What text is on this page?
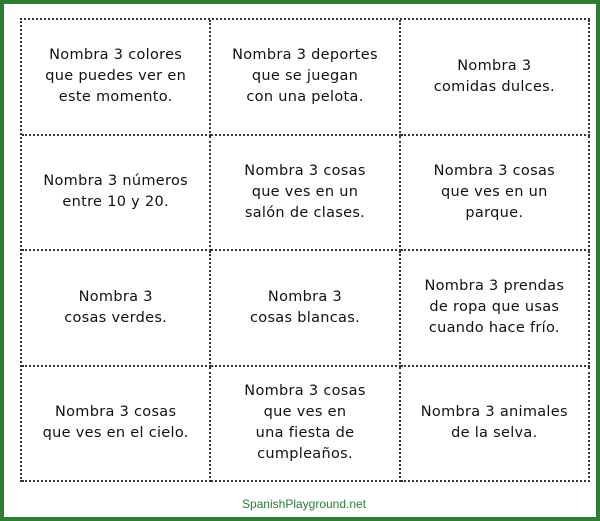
Nombra 3 colores
que puedes ver en
este momento.
Nombra 3 deportes
que se juegan
con una pelota.
Nombra 3
comidas dulces.
Nombra 3 números
entre 10 y 20.
Nombra 3 cosas
que ves en un
salón de clases.
Nombra 3 cosas
que ves en un
parque.
Nombra 3
cosas verdes.
Nombra 3
cosas blancas.
Nombra 3 prendas
de ropa que usas
cuando hace frío.
Nombra 3 cosas
que ves en el cielo.
Nombra 3 cosas
que ves en
una fiesta de
cumpleaños.
Nombra 3 animales
de la selva.
SpanishPlayground.net
